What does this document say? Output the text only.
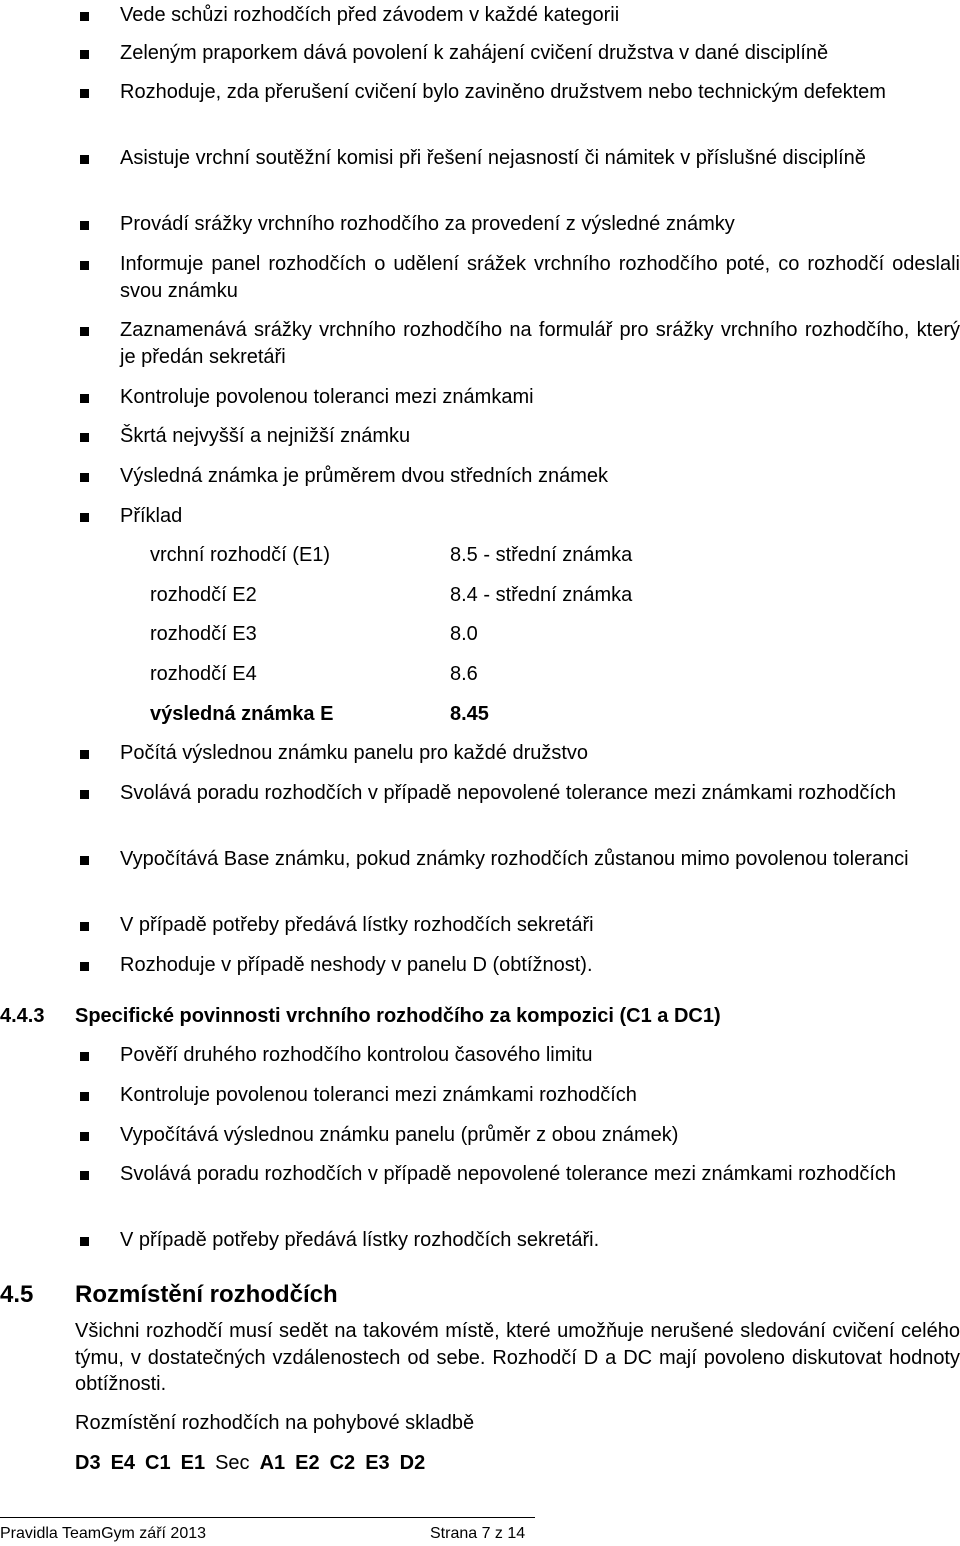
Vede schůzi rozhodčích před závodem v každé kategorii
Zeleným praporkem dává povolení k zahájení cvičení družstva v dané disciplíně
Rozhoduje, zda přerušení cvičení bylo zaviněno družstvem nebo technickým defektem
Asistuje vrchní soutěžní komisi při řešení nejasností či námitek v příslušné disciplíně
Provádí srážky vrchního rozhodčího za provedení z výsledné známky
Informuje panel rozhodčích o udělení srážek vrchního rozhodčího poté, co rozhodčí odeslali svou známku
Zaznamenává srážky vrchního rozhodčího na formulář pro srážky vrchního rozhodčího, který je předán sekretáři
Kontroluje povolenou toleranci mezi známkami
Škrtá nejvyšší a nejnižší známku
Výsledná známka je průměrem dvou středních známek
Příklad
vrchní rozhodčí (E1)	8.5 - střední známka
rozhodčí E2	8.4 - střední známka
rozhodčí E3	8.0
rozhodčí E4	8.6
výsledná známka E	8.45
Počítá výslednou známku panelu pro každé družstvo
Svolává poradu rozhodčích v případě nepovolené tolerance mezi známkami rozhodčích
Vypočítává Base známku, pokud známky rozhodčích zůstanou mimo povolenou toleranci
V případě potřeby předává lístky rozhodčích sekretáři
Rozhoduje v případě neshody v panelu D (obtížnost).
4.4.3 Specifické povinnosti vrchního rozhodčího za kompozici (C1 a DC1)
Pověří druhého rozhodčího kontrolou časového limitu
Kontroluje povolenou toleranci mezi známkami rozhodčích
Vypočítává výslednou známku panelu (průměr z obou známek)
Svolává poradu rozhodčích v případě nepovolené tolerance mezi známkami rozhodčích
V případě potřeby předává lístky rozhodčích sekretáři.
4.5 Rozmístění rozhodčích
Všichni rozhodčí musí sedět na takovém místě, které umožňuje nerušené sledování cvičení celého týmu, v dostatečných vzdálenostech od sebe. Rozhodčí D a DC mají povoleno diskutovat hodnoty obtížnosti.
Rozmístění rozhodčích na pohybové skladbě
D3 E4 C1 E1 Sec A1 E2 C2 E3 D2
Pravidla TeamGym září 2013	Strana 7 z 14
